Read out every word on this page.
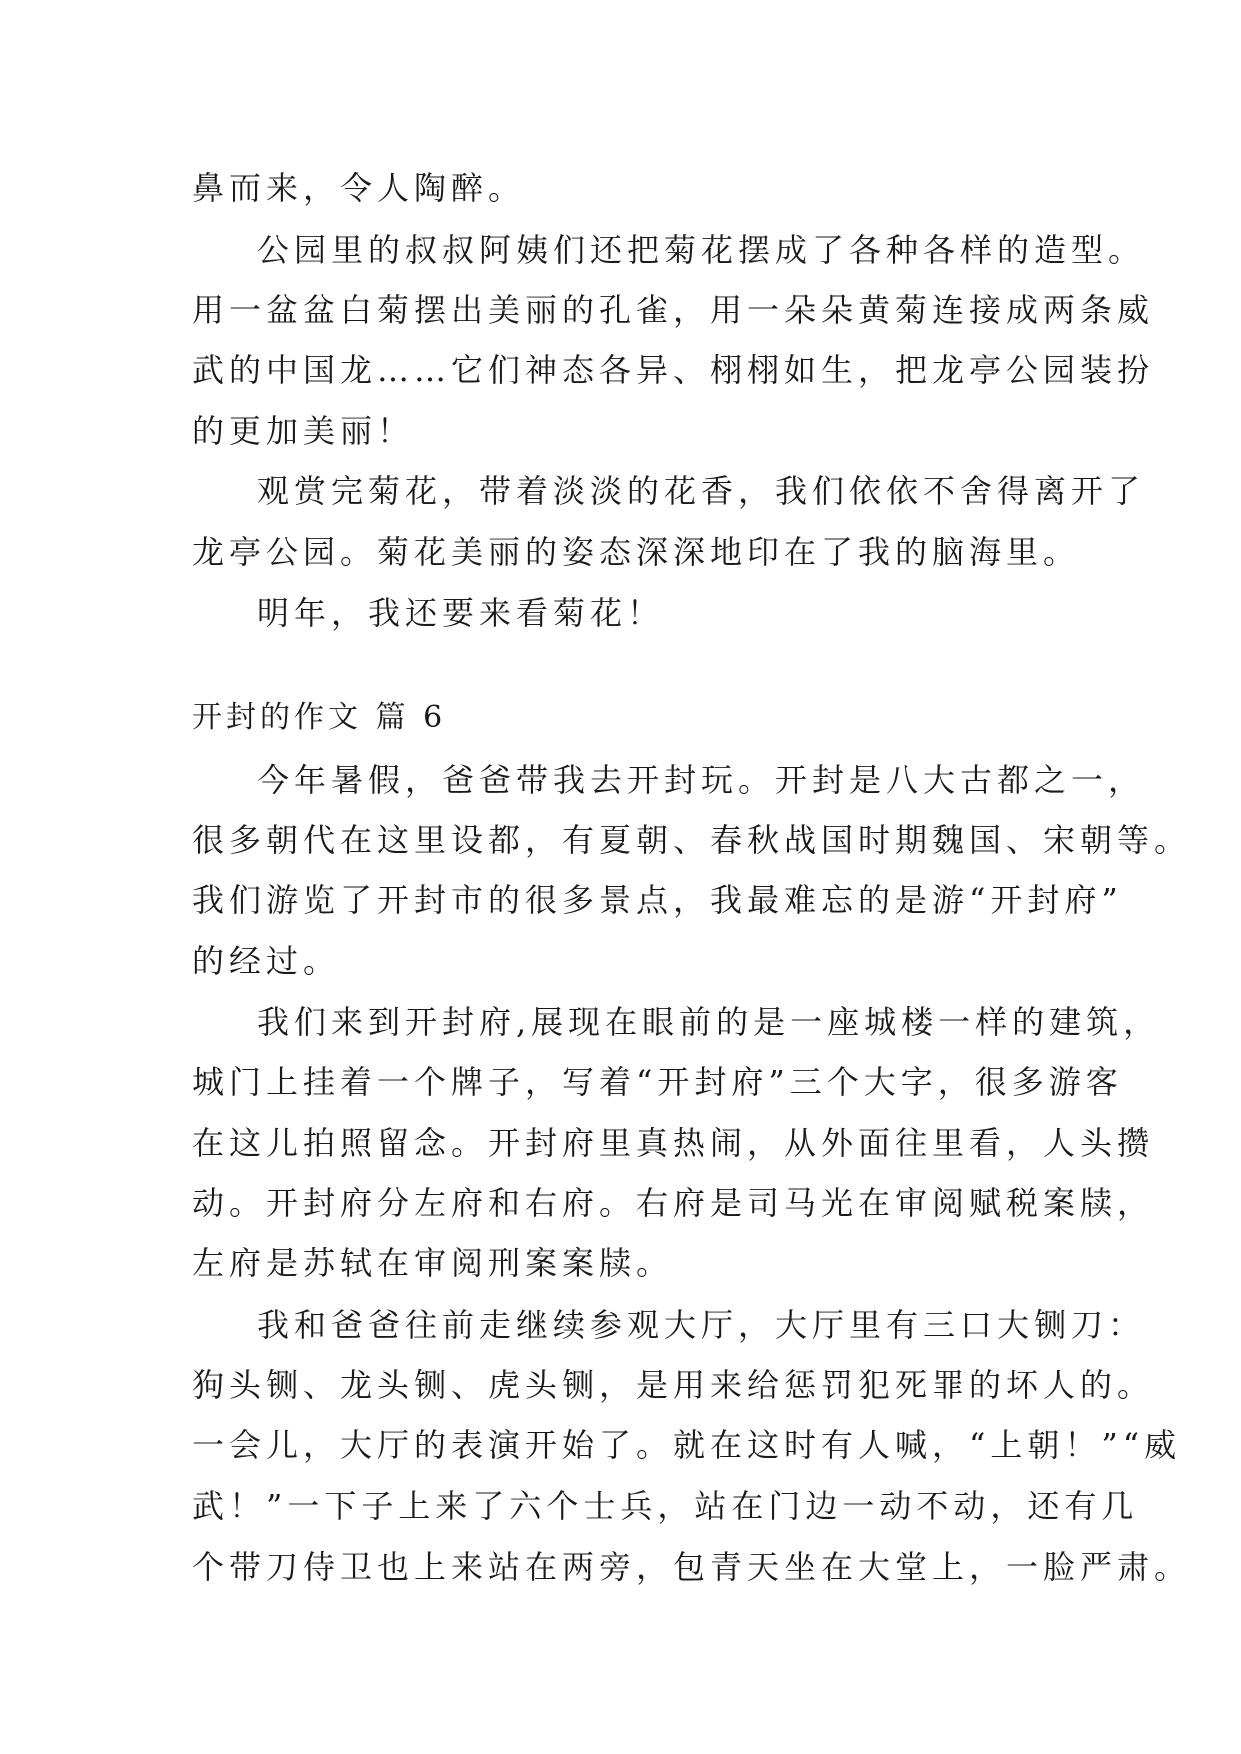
鼻而来，令人陶醉。

公园里的叔叔阿姨们还把菊花摆成了各种各样的造型。

用一盆盆白菊摆出美丽的孔雀，用一朵朵黄菊连接成两条威

武的中国龙……它们神态各异、栩栩如生，把龙亭公园装扮

的更加美丽！

观赏完菊花，带着淡淡的花香，我们依依不舍得离开了

龙亭公园。菊花美丽的姿态深深地印在了我的脑海里。

明年，我还要来看菊花！

开封的作文 篇 6

今年暑假，爸爸带我去开封玩。开封是八大古都之一，

很多朝代在这里设都，有夏朝、春秋战国时期魏国、宋朝等。

我们游览了开封市的很多景点，我最难忘的是游“开封府”

的经过。

我们来到开封府,展现在眼前的是一座城楼一样的建筑，

城门上挂着一个牌子，写着“开封府”三个大字，很多游客

在这儿拍照留念。开封府里真热闹，从外面往里看，人头攒

动。开封府分左府和右府。右府是司马光在审阅赋税案牍，

左府是苏轼在审阅刑案案牍。

我和爸爸往前走继续参观大厅，大厅里有三口大铡刀：

狗头铡、龙头铡、虎头铡，是用来给惩罚犯死罪的坏人的。

一会儿，大厅的表演开始了。就在这时有人喊，“上朝！”“威

武！”一下子上来了六个士兵，站在门边一动不动，还有几

个带刀侍卫也上来站在两旁，包青天坐在大堂上，一脸严肃。
